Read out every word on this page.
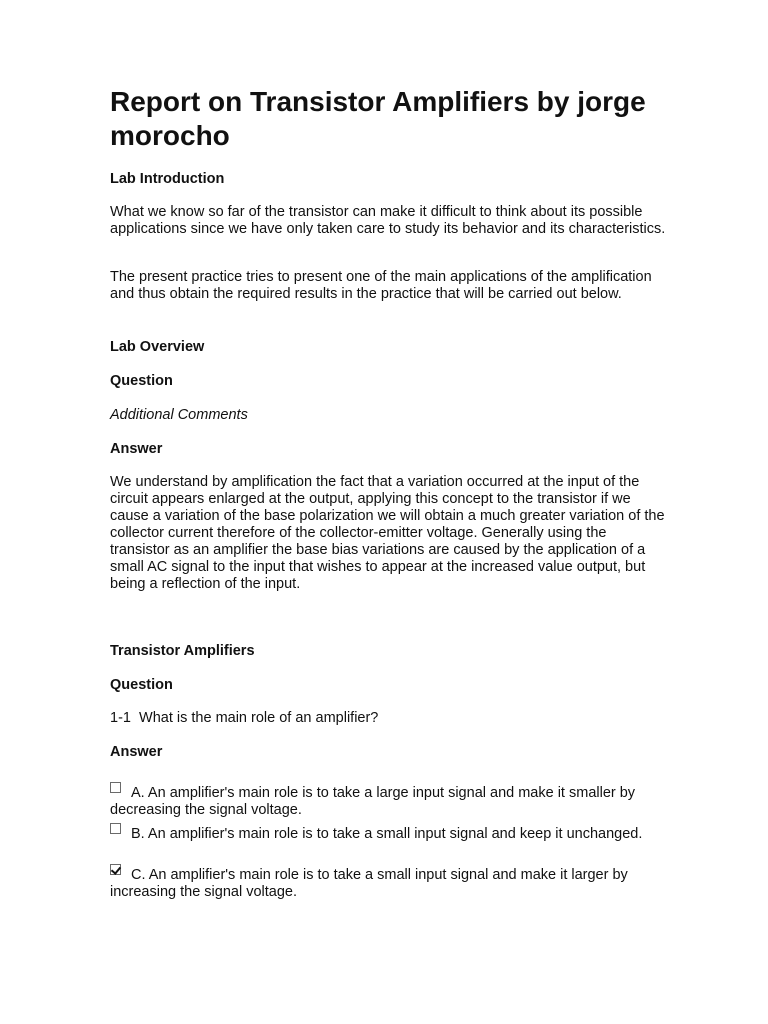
Report on Transistor Amplifiers by jorge morocho
Lab Introduction

What we know so far of the transistor can make it difficult to think about its possible applications since we have only taken care to study its behavior and its characteristics.

The present practice tries to present one of the main applications of the amplification and thus obtain the required results in the practice that will be carried out below.

Lab Overview
Question

Additional Comments

Answer

We understand by amplification the fact that a variation occurred at the input of the circuit appears enlarged at the output, applying this concept to the transistor if we cause a variation of the base polarization we will obtain a much greater variation of the collector current therefore of the collector-emitter voltage. Generally using the transistor as an amplifier the base bias variations are caused by the application of a small AC signal to the input that wishes to appear at the increased value output, but being a reflection of the input.

Transistor Amplifiers
Question

1-1  What is the main role of an amplifier?

Answer

A. An amplifier's main role is to take a large input signal and make it smaller by decreasing the signal voltage.

B. An amplifier's main role is to take a small input signal and keep it unchanged.

C. An amplifier's main role is to take a small input signal and make it larger by increasing the signal voltage.
